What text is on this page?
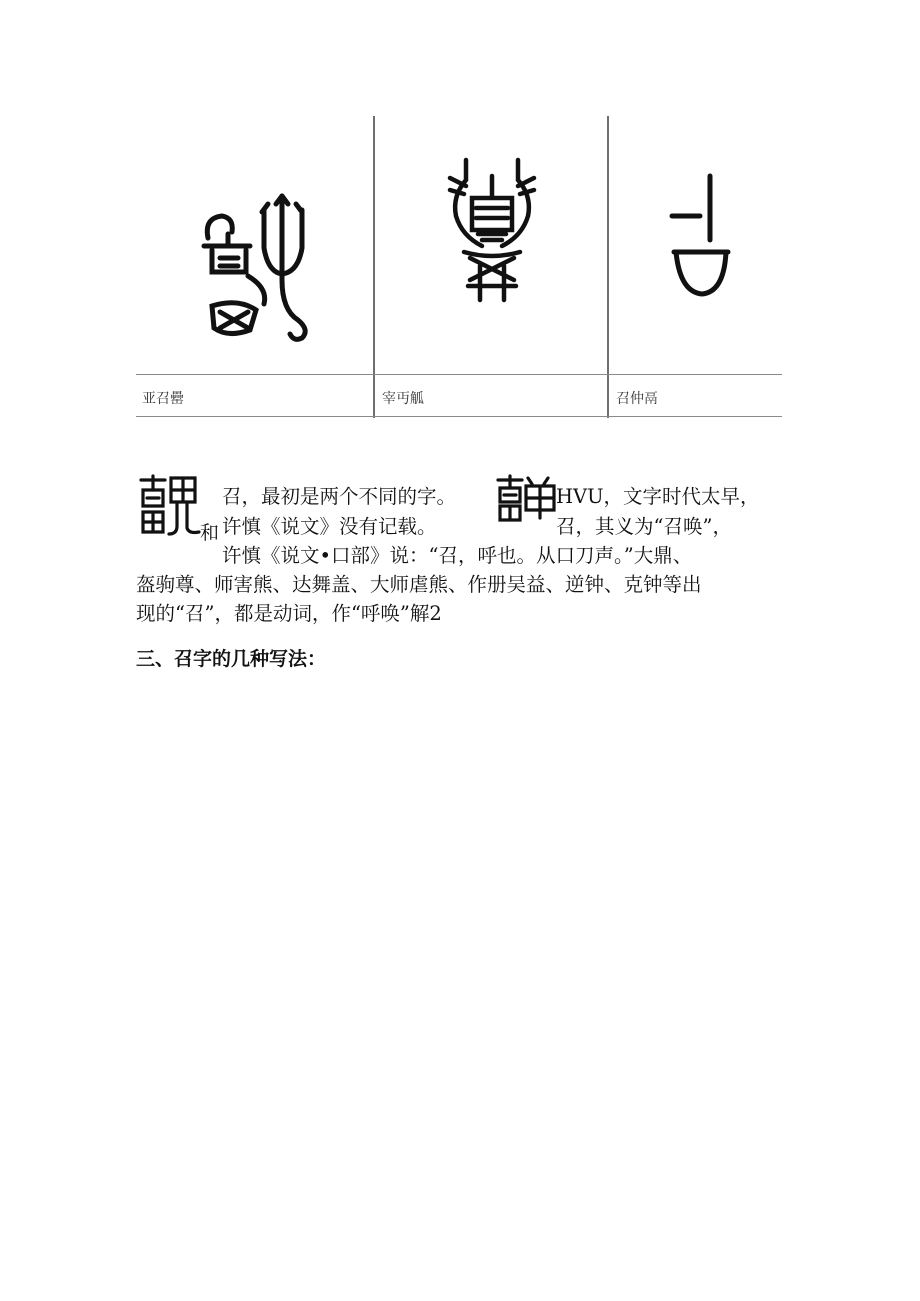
亚召罍	宰丏觚	召仲鬲
和
召，最初是两个不同的字。	HVU，文字时代太早，
许慎《说文》没有记载。	召，其义为“召唤”，
许慎《说文•口部》说：“召，呼也。从口刀声。”大鼎、
盔驹尊、师害熊、达舞盖、大师虐熊、作册吴益、逆钟、克钟等出
现的“召”，都是动词，作“呼唤”解2
三、召字的几种写法：
